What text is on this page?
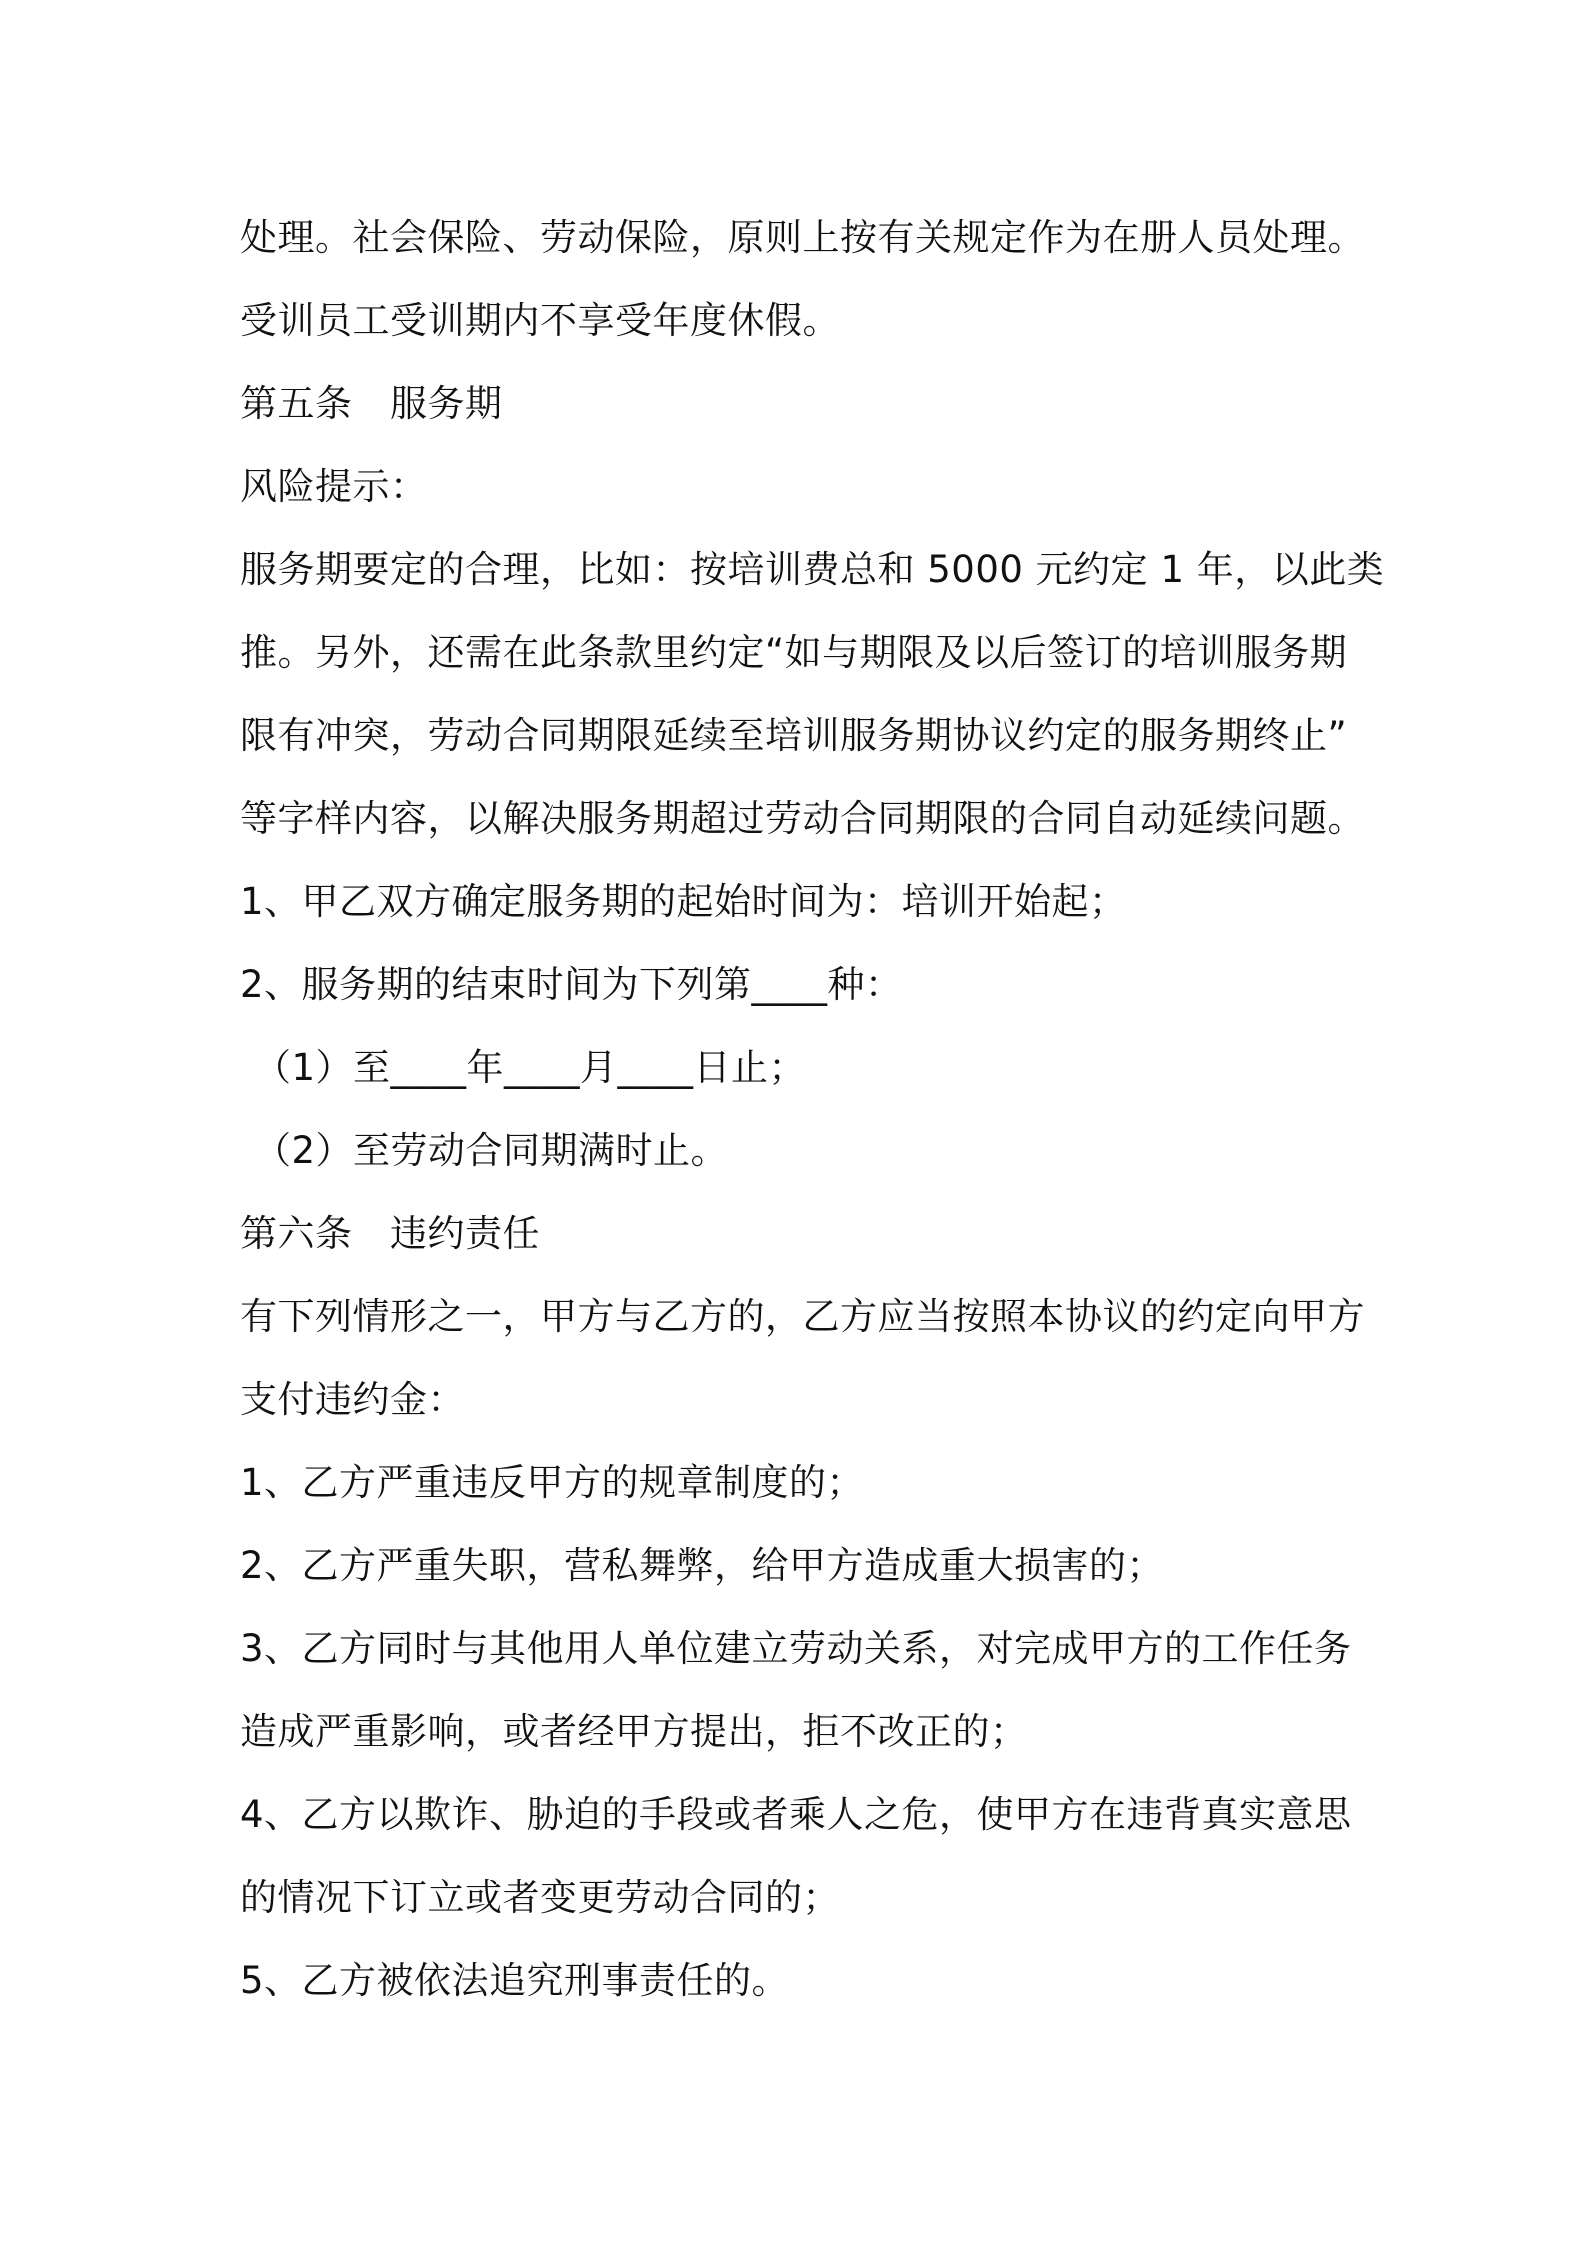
处理。社会保险、劳动保险，原则上按有关规定作为在册人员处理。
受训员工受训期内不享受年度休假。
第五条　服务期
风险提示：
服务期要定的合理，比如：按培训费总和 5000 元约定 1 年，以此类
推。另外，还需在此条款里约定“如与期限及以后签订的培训服务期
限有冲突，劳动合同期限延续至培训服务期协议约定的服务期终止”
等字样内容，以解决服务期超过劳动合同期限的合同自动延续问题。
1、甲乙双方确定服务期的起始时间为：培训开始起；
2、服务期的结束时间为下列第____种：
（1）至____年____月____日止；
（2）至劳动合同期满时止。
第六条　违约责任
有下列情形之一，甲方与乙方的，乙方应当按照本协议的约定向甲方
支付违约金：
1、乙方严重违反甲方的规章制度的；
2、乙方严重失职，营私舞弊，给甲方造成重大损害的；
3、乙方同时与其他用人单位建立劳动关系，对完成甲方的工作任务
造成严重影响，或者经甲方提出，拒不改正的；
4、乙方以欺诈、胁迫的手段或者乘人之危，使甲方在违背真实意思
的情况下订立或者变更劳动合同的；
5、乙方被依法追究刑事责任的。
